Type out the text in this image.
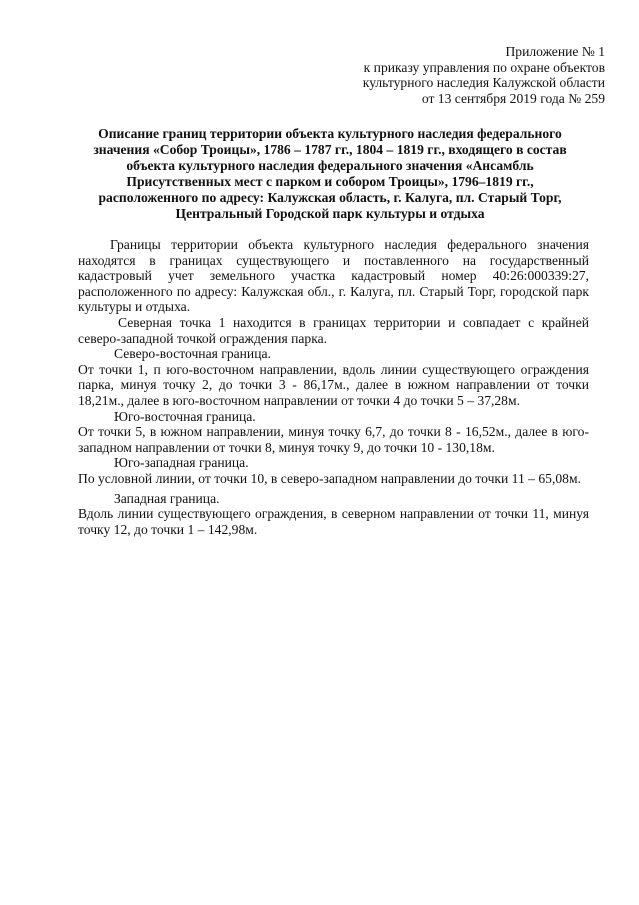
Приложение № 1
к приказу управления по охране объектов
культурного наследия Калужской области
от 13 сентября 2019 года № 259
Описание границ территории объекта культурного наследия федерального
значения «Собор Троицы», 1786 – 1787 гг., 1804 – 1819 гг., входящего в состав
объекта культурного наследия федерального значения «Ансамбль
Присутственных мест с парком и собором Троицы», 1796–1819 гг.,
расположенного по адресу: Калужская область, г. Калуга, пл. Старый Торг,
Центральный Городской парк культуры и отдыха

Границы территории объекта культурного наследия федерального значения находятся в границах существующего и поставленного на государственный кадастровый учет земельного участка кадастровый номер 40:26:000339:27, расположенного по адресу: Калужская обл., г. Калуга, пл. Старый Торг, городской парк культуры и отдыха.

Северная точка 1 находится в границах территории и совпадает с крайней северо-западной точкой ограждения парка.

Северо-восточная граница.

От точки 1, п юго-восточном направлении, вдоль линии существующего ограждения парка, минуя точку 2, до точки 3 - 86,17м., далее в южном направлении от точки 18,21м., далее в юго-восточном направлении от точки 4 до точки 5 – 37,28м.

Юго-восточная граница.

От точки 5, в южном направлении, минуя точку 6,7, до точки 8 - 16,52м., далее в юго-западном направлении от точки 8, минуя точку 9, до точки 10 - 130,18м.

Юго-западная граница.

По условной линии, от точки 10, в северо-западном направлении до точки 11 – 65,08м.

Западная граница.

Вдоль линии существующего ограждения, в северном направлении от точки 11, минуя точку 12, до точки 1 – 142,98м.
